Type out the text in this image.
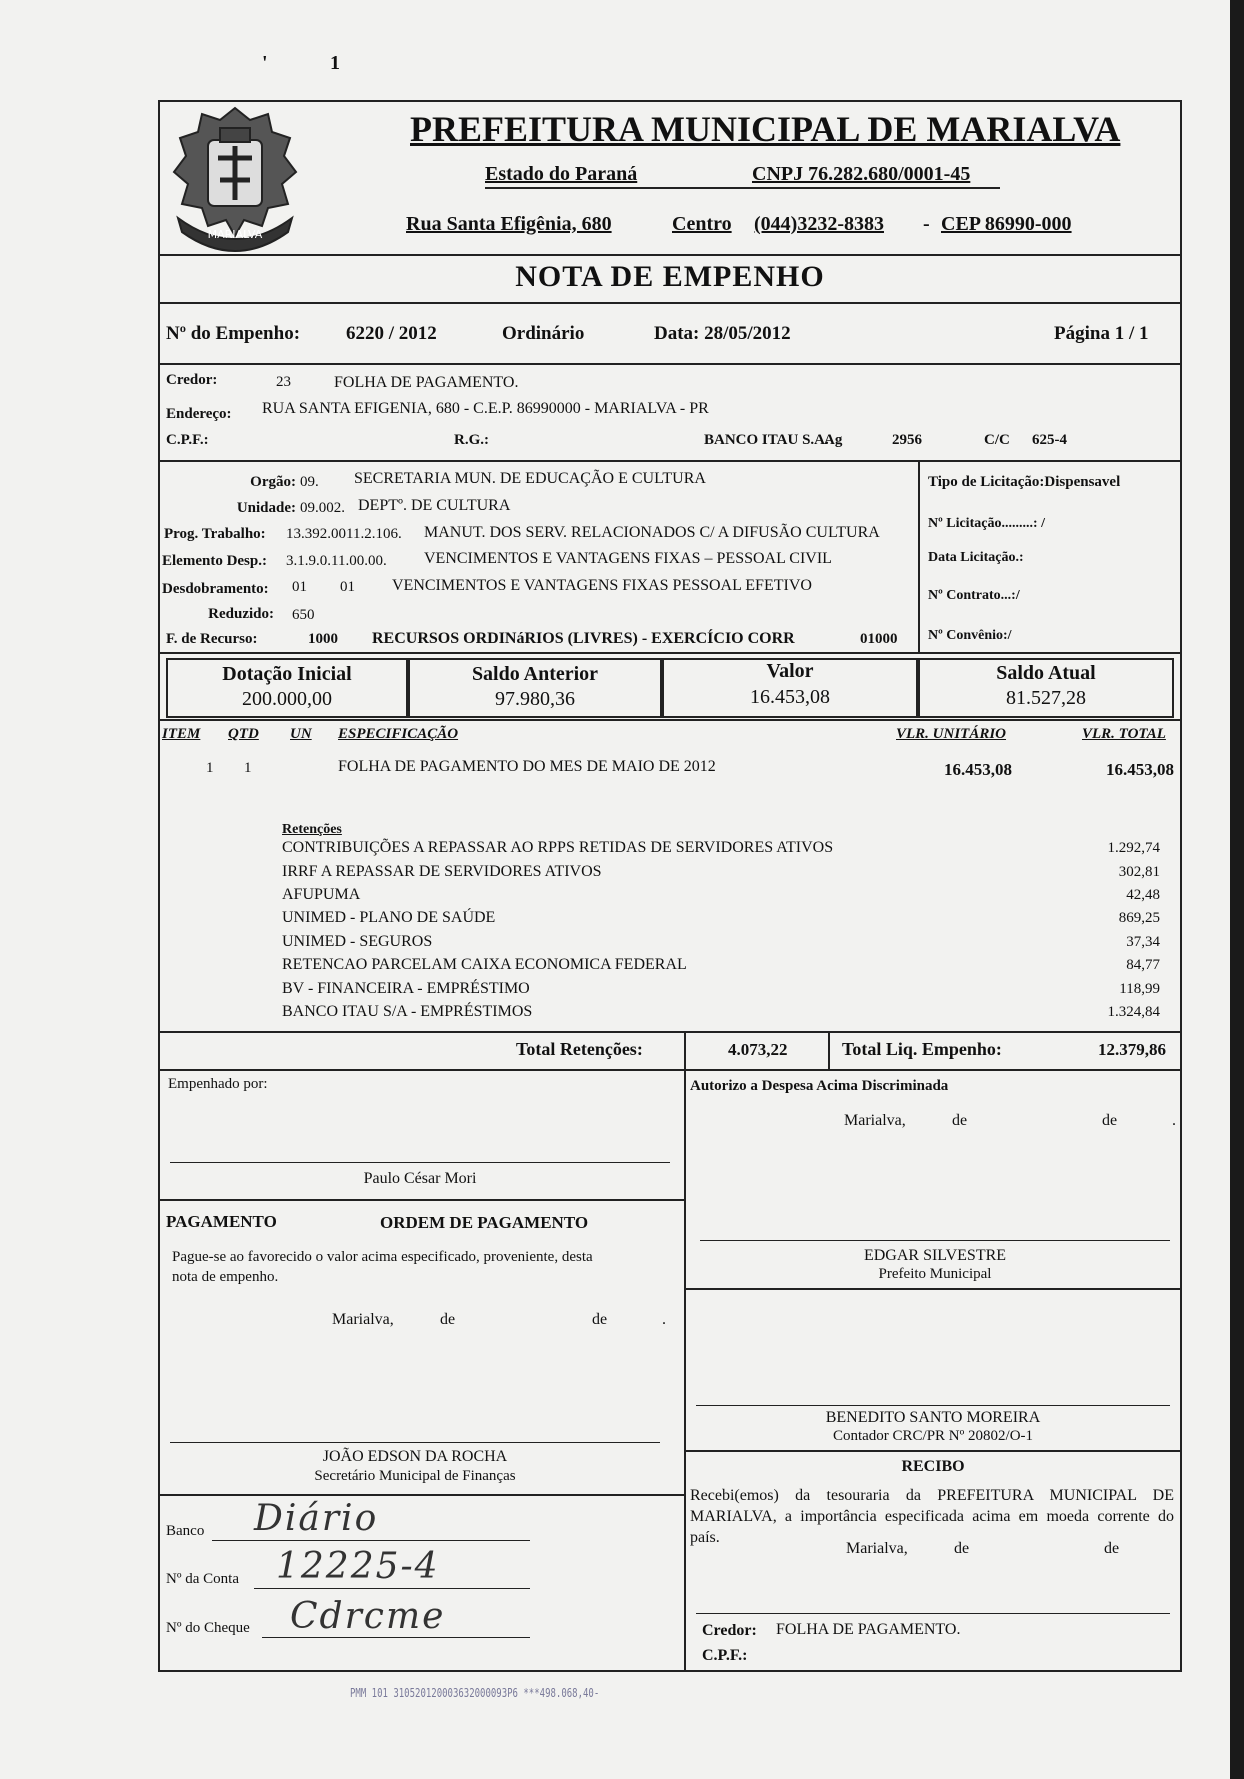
'	1
MARIALVA
PREFEITURA MUNICIPAL DE MARIALVA
Estado do Paraná	CNPJ 76.282.680/0001-45
Rua Santa Efigênia, 680	Centro (044)3232-8383 - CEP 86990-000
NOTA DE EMPENHO
Nº do Empenho: 6220 / 2012	Ordinário	Data: 28/05/2012	Página 1 / 1
Credor:	23	FOLHA DE PAGAMENTO.
Endereço: RUA SANTA EFIGENIA, 680 - C.E.P. 86990000 - MARIALVA - PR
C.P.F.:	R.G.:	BANCO ITAU S.A.
Ag	2956	C/C 625-4
Orgão: 09. SECRETARIA MUN. DE EDUCAÇÃO E CULTURA
Unidade: 09.002. DEPTº. DE CULTURA
Prog. Trabalho: 13.392.0011.2.106. MANUT. DOS SERV. RELACIONADOS C/ A DIFUSÃO CULTURA
Elemento Desp.: 3.1.9.0.11.00.00. VENCIMENTOS E VANTAGENS FIXAS – PESSOAL CIVIL
Desdobramento: 01 01 VENCIMENTOS E VANTAGENS FIXAS PESSOAL EFETIVO
Reduzido: 650
F. de Recurso:	1000 RECURSOS ORDINáRIOS (LIVRES) - EXERCÍCIO CORR	01000
Tipo de Licitação:Dispensavel
Nº Licitação.........: /
Data Licitação.:
Nº Contrato...:/
Nº Convênio:/
Dotação Inicial
200.000,00
Saldo Anterior
97.980,36
Valor
16.453,08
Saldo Atual
81.527,28
ITEM QTD UN ESPECIFICAÇÃO	VLR. UNITÁRIO	VLR. TOTAL
1 1	FOLHA DE PAGAMENTO DO MES DE MAIO DE 2012	16.453,08	16.453,08
Retenções
CONTRIBUIÇÕES A REPASSAR AO RPPS RETIDAS DE SERVIDORES ATIVOS	1.292,74
IRRF A REPASSAR DE SERVIDORES ATIVOS	302,81
AFUPUMA	42,48
UNIMED - PLANO DE SAÚDE	869,25
UNIMED - SEGUROS	37,34
RETENCAO PARCELAM CAIXA ECONOMICA FEDERAL	84,77
BV - FINANCEIRA - EMPRÉSTIMO	118,99
BANCO ITAU S/A - EMPRÉSTIMOS	1.324,84
Total Retenções:	4.073,22	Total Liq. Empenho:	12.379,86
Empenhado por:
Paulo César Mori
PAGAMENTO	ORDEM DE PAGAMENTO
Pague-se ao favorecido o valor acima especificado, proveniente, desta
nota de empenho.
Marialva,	de	de	.
JOÃO EDSON DA ROCHA
Secretário Municipal de Finanças
Banco Diário
Nº da Conta 12225-4
Nº do Cheque Cdrcme
Autorizo a Despesa Acima Discriminada
Marialva,	de	de	.
EDGAR SILVESTRE
Prefeito Municipal
BENEDITO SANTO MOREIRA
Contador CRC/PR Nº 20802/O-1
RECIBO
Recebi(emos) da tesouraria da PREFEITURA MUNICIPAL DE
MARIALVA, a importância especificada acima em moeda corrente do
país.
Marialva,	de	de
Credor: FOLHA DE PAGAMENTO.
C.P.F.:
PMM 101 310520120003632000093P6 ***498.068,40-
